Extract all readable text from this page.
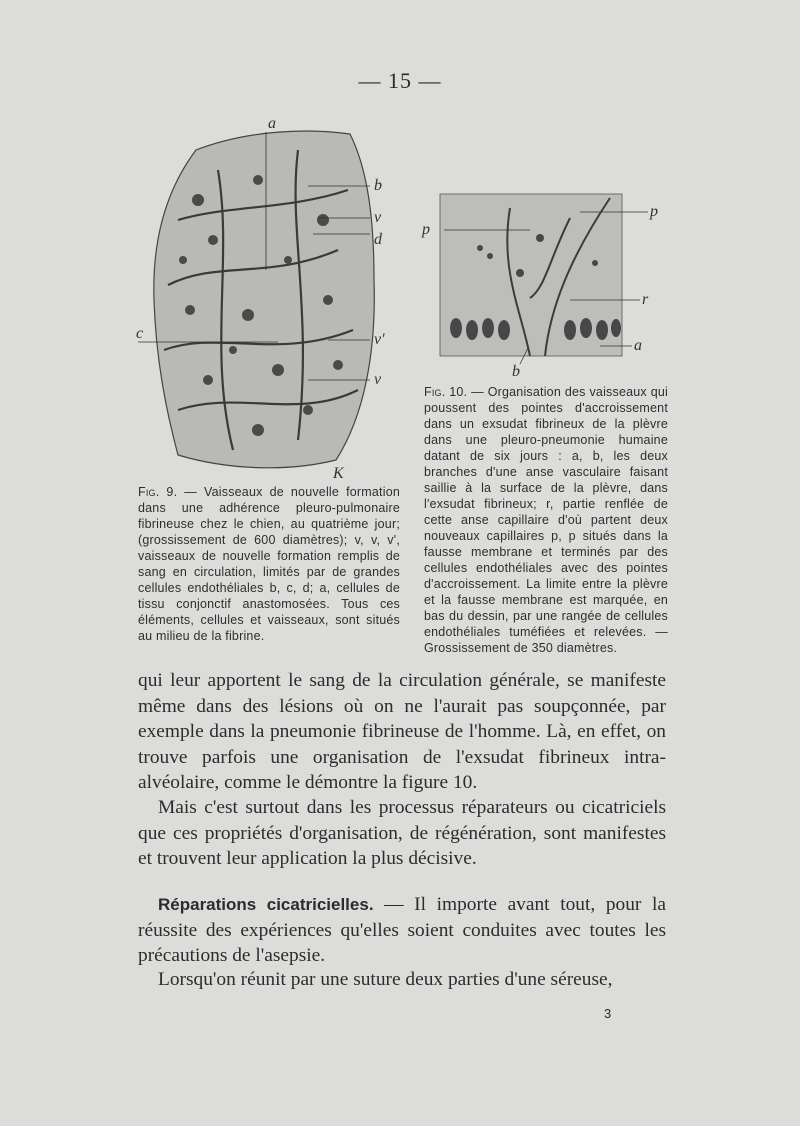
— 15 —
a
b
v
d
c	v'
v
K
p
p
r
a
b
Fig. 9. — Vaisseaux de nouvelle formation dans une adhérence pleuro-pulmonaire fibrineuse chez le chien, au quatrième jour; (grossissement de 600 diamètres); v, v, v', vaisseaux de nouvelle formation remplis de sang en circulation, limités par de grandes cellules endothéliales b, c, d; a, cellules de tissu conjonctif anastomosées. Tous ces éléments, cellules et vaisseaux, sont situés au milieu de la fibrine.
Fig. 10. — Organisation des vaisseaux qui poussent des pointes d'accroissement dans un exsudat fibrineux de la plèvre dans une pleuro-pneumonie humaine datant de six jours : a, b, les deux branches d'une anse vasculaire faisant saillie à la surface de la plèvre, dans l'exsudat fibrineux; r, partie renflée de cette anse capillaire d'où partent deux nouveaux capillaires p, p situés dans la fausse membrane et terminés par des cellules endothéliales avec des pointes d'accroissement. La limite entre la plèvre et la fausse membrane est marquée, en bas du dessin, par une rangée de cellules endothéliales tuméfiées et relevées. — Grossissement de 350 diamètres.
qui leur apportent le sang de la circulation générale, se manifeste même dans des lésions où on ne l'aurait pas soupçonnée, par exemple dans la pneumonie fibrineuse de l'homme. Là, en effet, on trouve parfois une organisation de l'exsudat fibrineux intra-alvéolaire, comme le démontre la figure 10.
Mais c'est surtout dans les processus réparateurs ou cicatriciels que ces propriétés d'organisation, de régénération, sont manifestes et trouvent leur application la plus décisive.
Réparations cicatricielles. — Il importe avant tout, pour la réussite des expériences qu'elles soient conduites avec toutes les précautions de l'asepsie.
Lorsqu'on réunit par une suture deux parties d'une séreuse,
3
